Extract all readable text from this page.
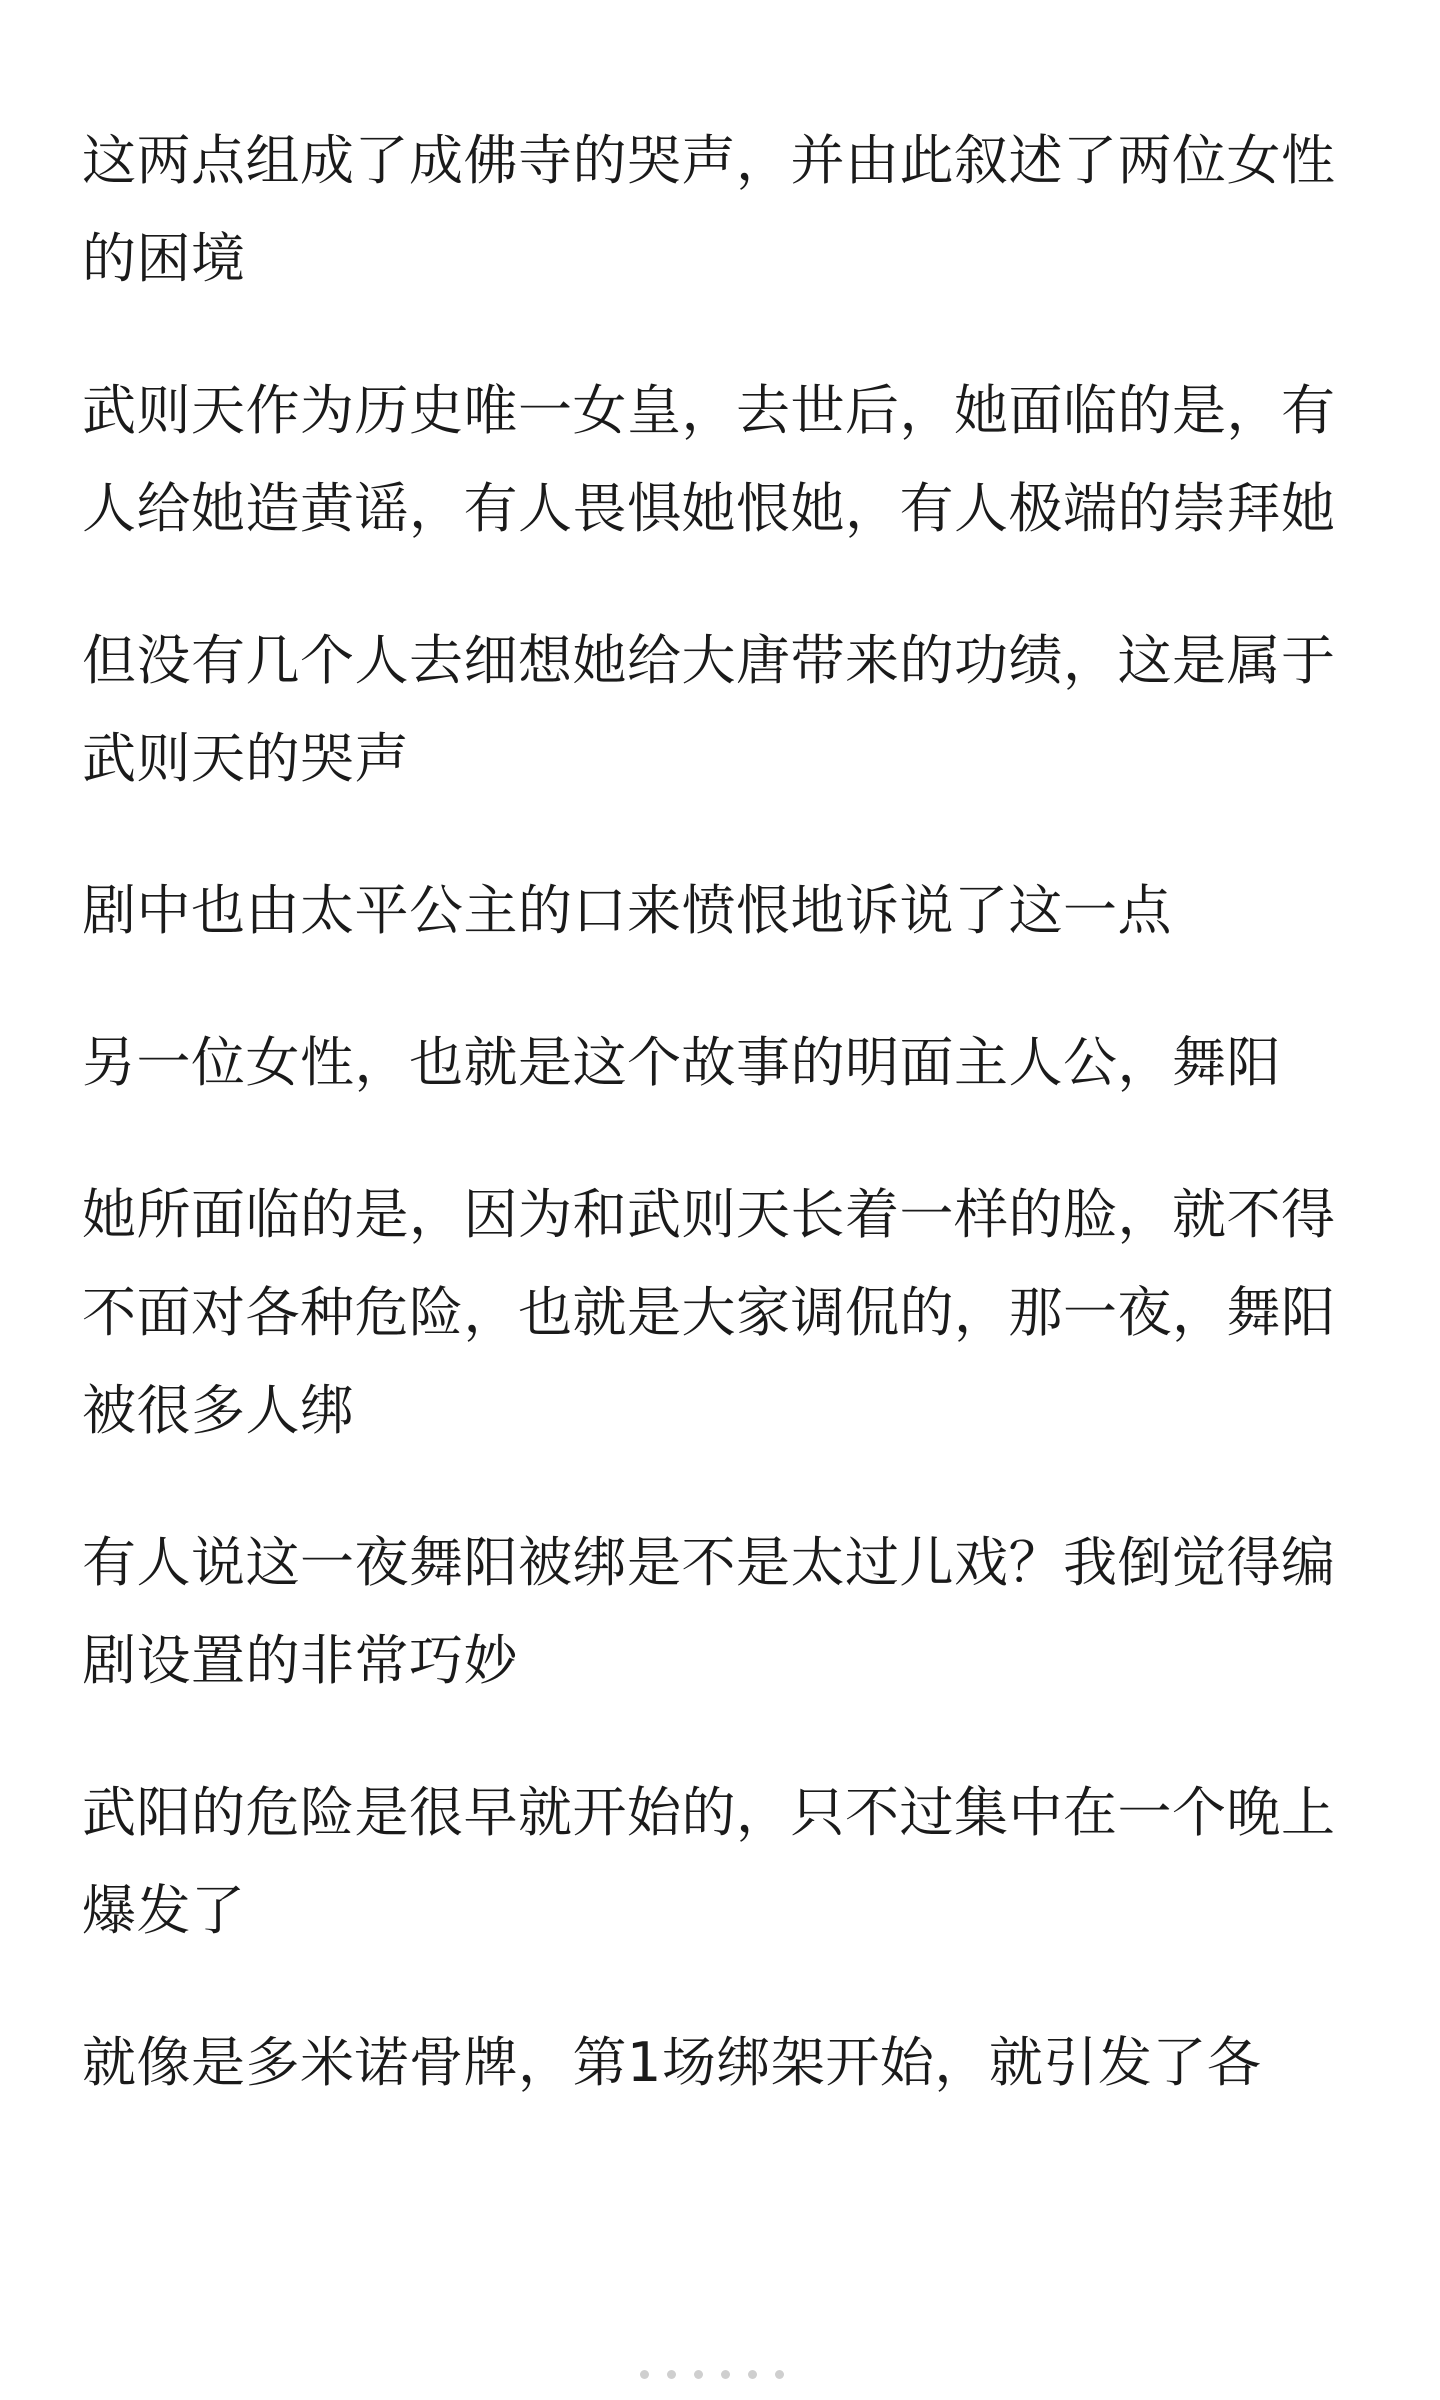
这两点组成了成佛寺的哭声，并由此叙述了两位女性的困境

武则天作为历史唯一女皇，去世后，她面临的是，有人给她造黄谣，有人畏惧她恨她，有人极端的崇拜她

但没有几个人去细想她给大唐带来的功绩，这是属于武则天的哭声

剧中也由太平公主的口来愤恨地诉说了这一点

另一位女性，也就是这个故事的明面主人公，舞阳

她所面临的是，因为和武则天长着一样的脸，就不得不面对各种危险，也就是大家调侃的，那一夜，舞阳被很多人绑

有人说这一夜舞阳被绑是不是太过儿戏？我倒觉得编剧设置的非常巧妙

武阳的危险是很早就开始的，只不过集中在一个晚上爆发了

就像是多米诺骨牌，第1场绑架开始，就引发了各
